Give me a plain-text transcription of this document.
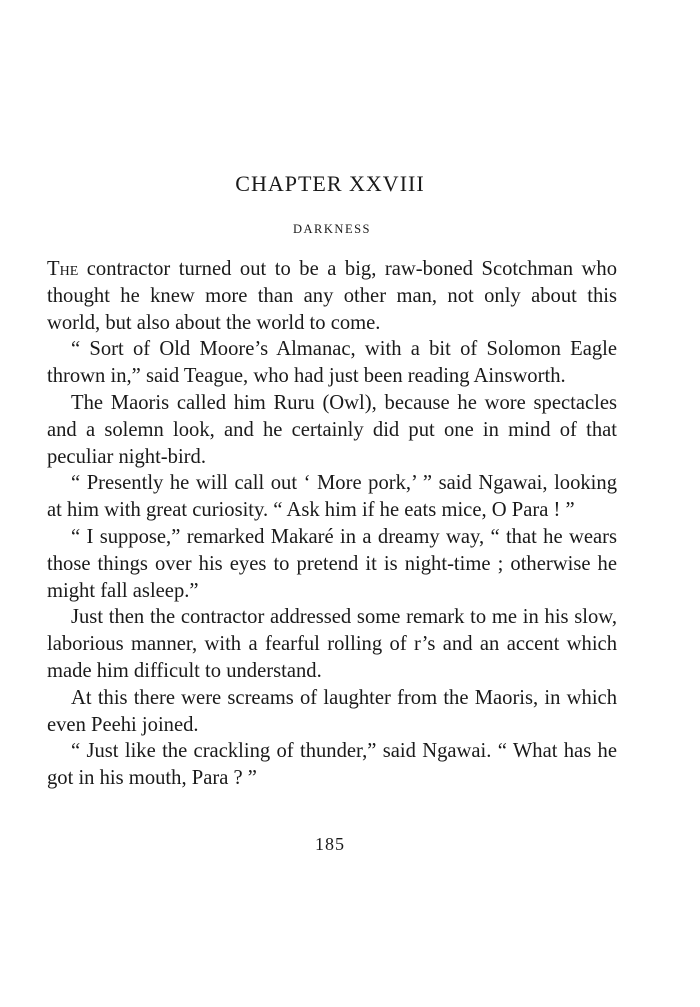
CHAPTER XXVIII
DARKNESS

The contractor turned out to be a big, raw-boned Scotchman who thought he knew more than any other man, not only about this world, but also about the world to come.

“ Sort of Old Moore’s Almanac, with a bit of Solomon Eagle thrown in,” said Teague, who had just been reading Ainsworth.

The Maoris called him Ruru (Owl), because he wore spectacles and a solemn look, and he certainly did put one in mind of that peculiar night-bird.

“ Presently he will call out ‘ More pork,’ ” said Ngawai, looking at him with great curiosity. “ Ask him if he eats mice, O Para ! ”

“ I suppose,” remarked Makaré in a dreamy way, “ that he wears those things over his eyes to pretend it is night-time ; otherwise he might fall asleep.”

Just then the contractor addressed some remark to me in his slow, laborious manner, with a fearful rolling of r’s and an accent which made him difficult to understand.

At this there were screams of laughter from the Maoris, in which even Peehi joined.

“ Just like the crackling of thunder,” said Ngawai. “ What has he got in his mouth, Para ? ”

185
